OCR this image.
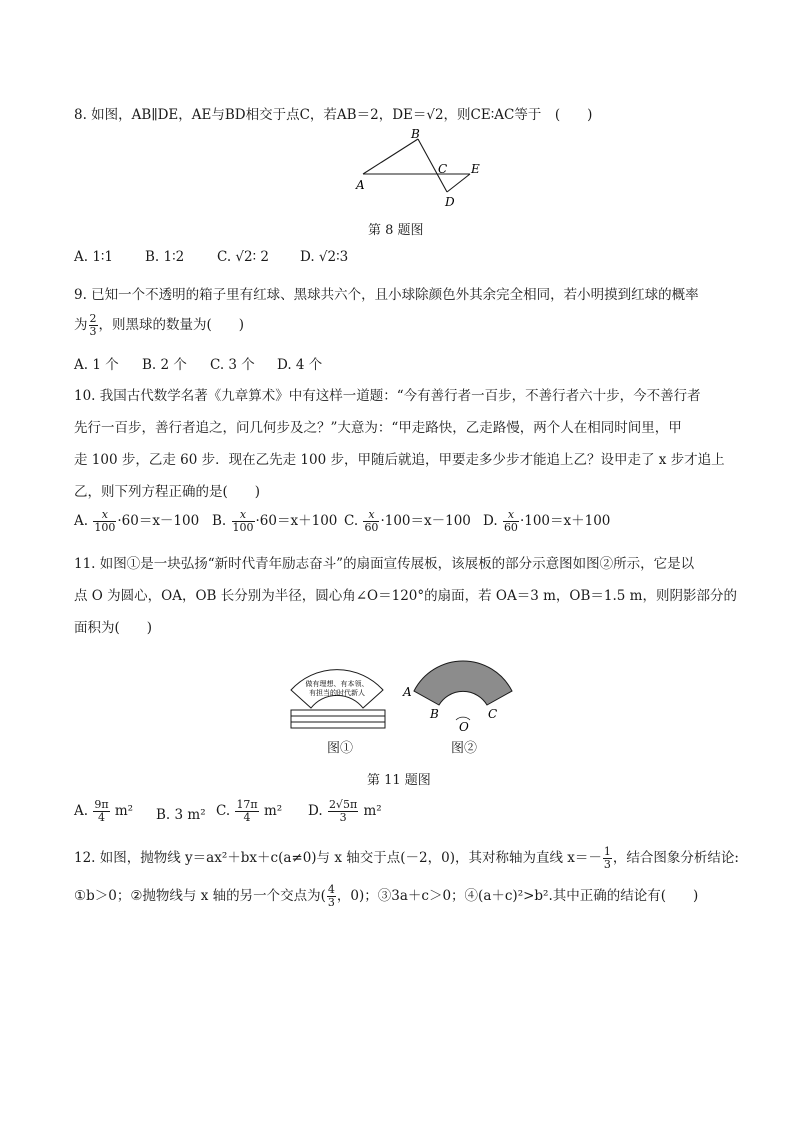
8. 如图，AB∥DE，AE与BD相交于点C，若AB＝2，DE＝√2，则CE∶AC等于　(　　)
A
B
C
D
E
第 8 题图
A. 1∶1 B. 1∶2 C. √2∶ 2 D. √2∶3
9. 已知一个不透明的箱子里有红球、黑球共六个，且小球除颜色外其余完全相同，若小明摸到红球的概率
为 $\frac{2}{3}$ ，则黑球的数量为(　　)
A. 1 个 B. 2 个 C. 3 个 D. 4 个
10. 我国古代数学名著《九章算术》中有这样一道题：“今有善行者一百步，不善行者六十步，今不善行者
先行一百步，善行者追之，问几何步及之？”大意为：“甲走路快，乙走路慢，两个人在相同时间里，甲
走 100 步，乙走 60 步．现在乙先走 100 步，甲随后就追，甲要走多少步才能追上乙？设甲走了 x 步才追上
乙，则下列方程正确的是(　　)
A. $\frac{x}{100} \cdot 60=x-100$ B. $\frac{x}{100} \cdot 60=x+100$ C. $\frac{x}{60} \cdot 100=x-100$ D. $\frac{x}{60} \cdot 100=x+100$
11. 如图①是一块弘扬“新时代青年励志奋斗”的扇面宣传展板，该展板的部分示意图如图②所示，它是以
点 O 为圆心，OA，OB 长分别为半径，圆心角∠O＝120°的扇面，若 OA＝3 m，OB＝1.5 m，则阴影部分的
面积为(　　)
做有理想、有本领、
有担当的时代新人
图①
A
B	C
O
图②
第 11 题图
A. $\frac{9\pi}{4} m^2$ B. 3 m² C. $\frac{17\pi}{4} m^2$ D. $\frac{2√5\pi}{3} m^2$
12. 如图，抛物线 y＝ax²＋bx＋c(a≠0)与 x 轴交于点(－2，0)，其对称轴为直线 $x=- \frac{1}{3}$ ，结合图象分析结论:
①b＞0；②抛物线与 x 轴的另一个交点为( $\frac{4}{3}$ ，0)；③3a＋c＞0；④(a＋c)²>b².其中正确的结论有(　　)
